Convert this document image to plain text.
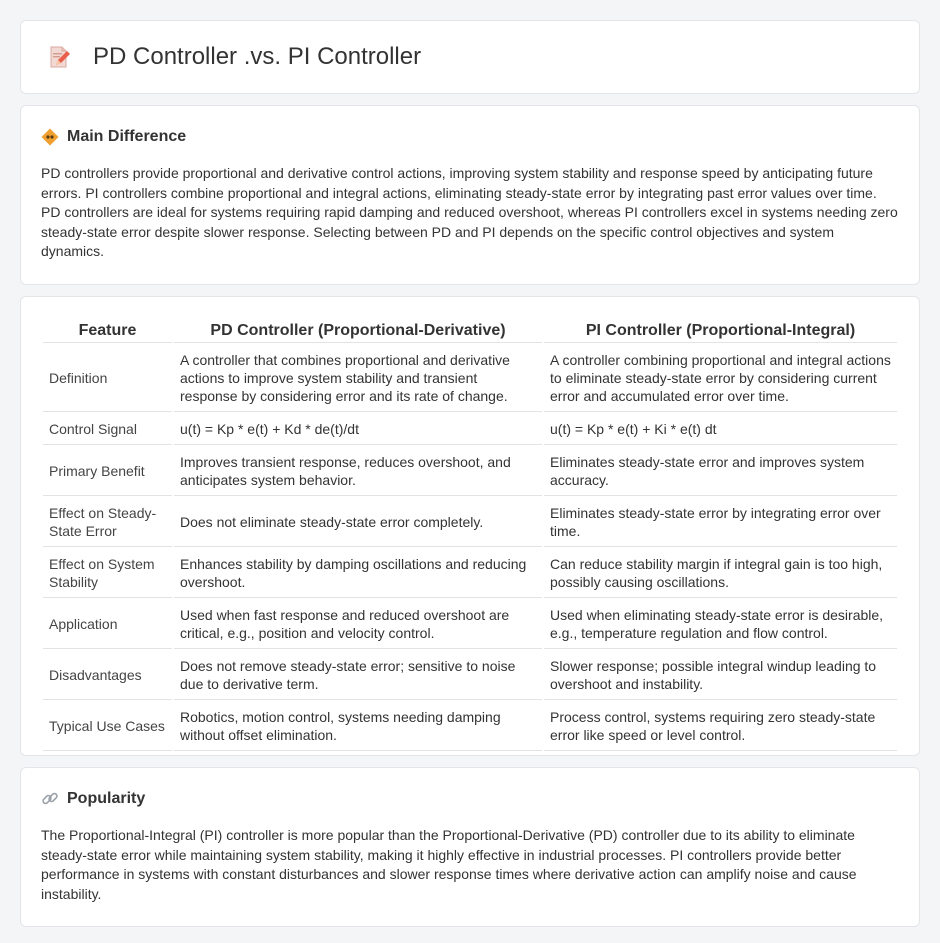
PD Controller .vs. PI Controller
Main Difference

PD controllers provide proportional and derivative control actions, improving system stability and response speed by anticipating future errors. PI controllers combine proportional and integral actions, eliminating steady-state error by integrating past error values over time. PD controllers are ideal for systems requiring rapid damping and reduced overshoot, whereas PI controllers excel in systems needing zero steady-state error despite slower response. Selecting between PD and PI depends on the specific control objectives and system dynamics.

Feature	PD Controller (Proportional-Derivative)	PI Controller (Proportional-Integral)
Definition	A controller that combines proportional and derivative actions to improve system stability and transient response by considering error and its rate of change.	A controller combining proportional and integral actions to eliminate steady-state error by considering current error and accumulated error over time.
Control Signal	u(t) = Kp * e(t) + Kd * de(t)/dt	u(t) = Kp * e(t) + Ki * e(t) dt
Primary Benefit	Improves transient response, reduces overshoot, and anticipates system behavior.	Eliminates steady-state error and improves system accuracy.
Effect on Steady-State Error	Does not eliminate steady-state error completely.	Eliminates steady-state error by integrating error over time.
Effect on System Stability	Enhances stability by damping oscillations and reducing overshoot.	Can reduce stability margin if integral gain is too high, possibly causing oscillations.
Application	Used when fast response and reduced overshoot are critical, e.g., position and velocity control.	Used when eliminating steady-state error is desirable, e.g., temperature regulation and flow control.
Disadvantages	Does not remove steady-state error; sensitive to noise due to derivative term.	Slower response; possible integral windup leading to overshoot and instability.
Typical Use Cases	Robotics, motion control, systems needing damping without offset elimination.	Process control, systems requiring zero steady-state error like speed or level control.
Popularity

The Proportional-Integral (PI) controller is more popular than the Proportional-Derivative (PD) controller due to its ability to eliminate steady-state error while maintaining system stability, making it highly effective in industrial processes. PI controllers provide better performance in systems with constant disturbances and slower response times where derivative action can amplify noise and cause instability.
